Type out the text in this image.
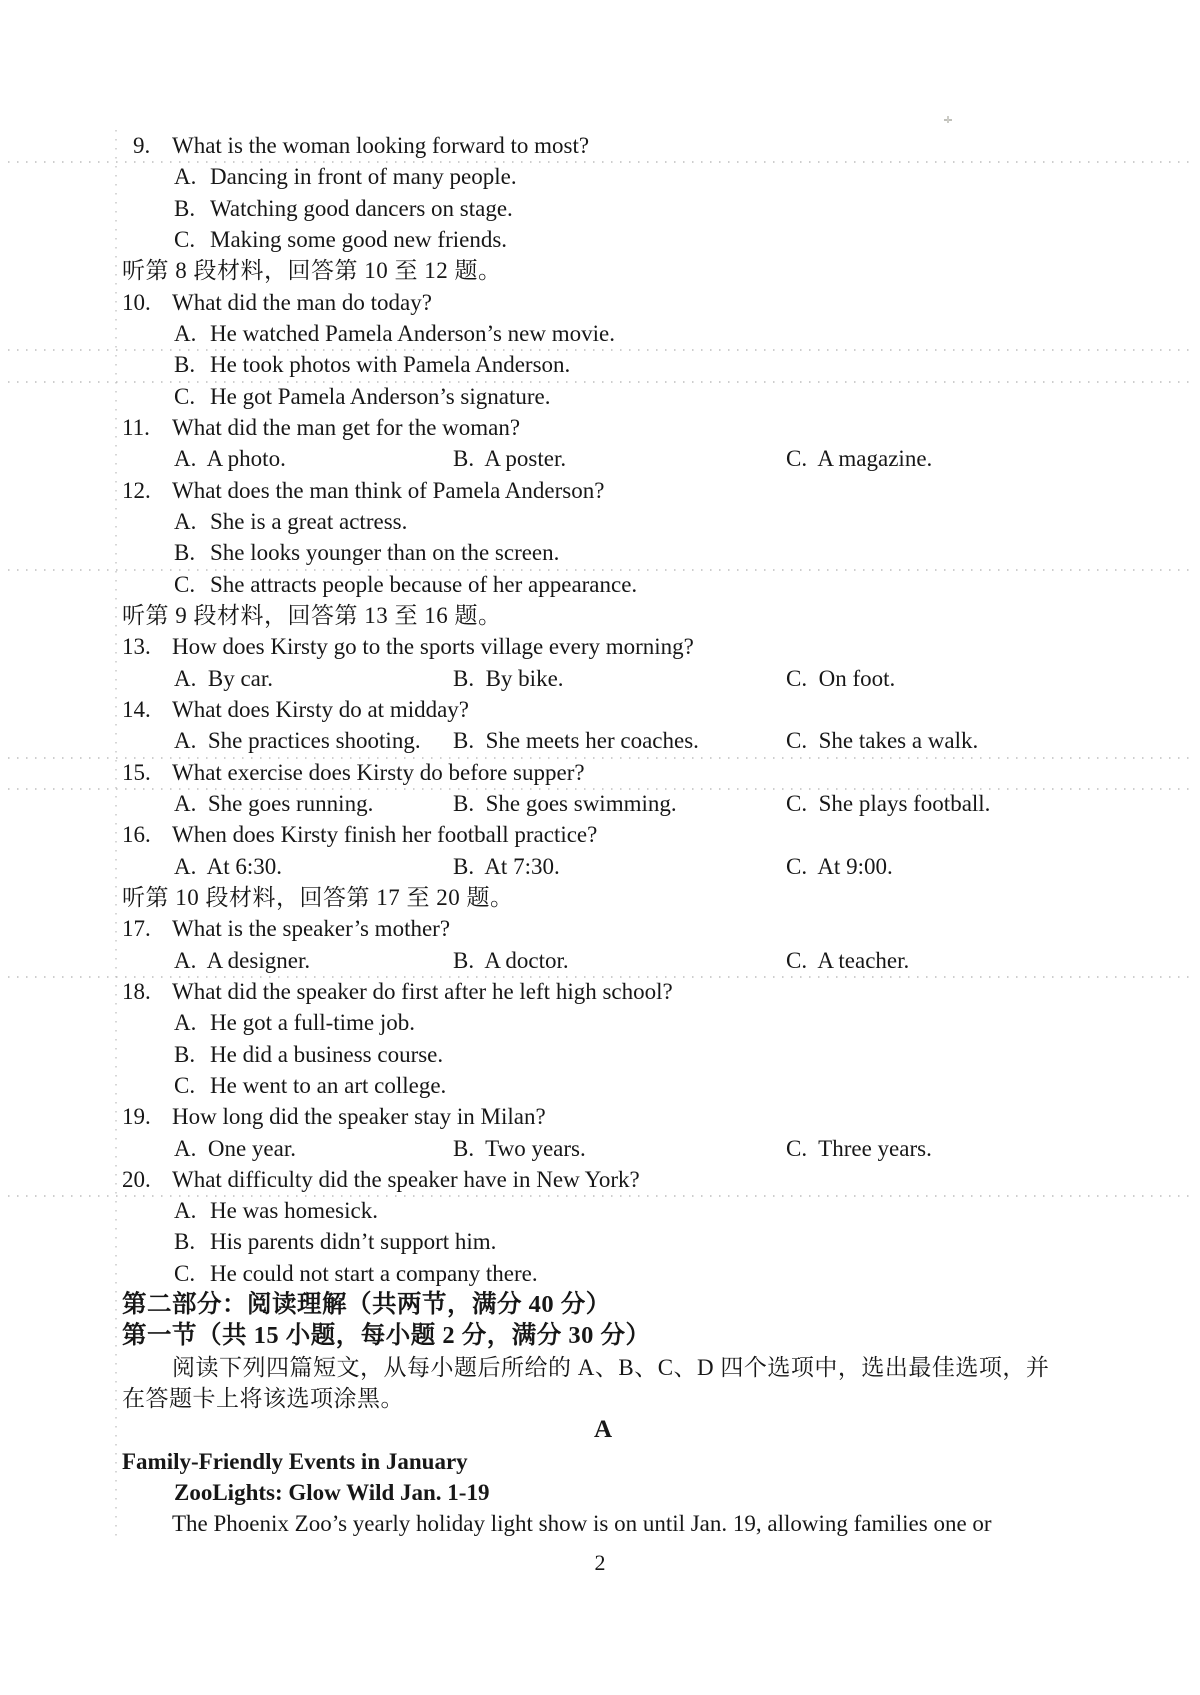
9. What is the woman looking forward to most?
A. Dancing in front of many people.
B. Watching good dancers on stage.
C. Making some good new friends.
听第 8 段材料，回答第 10 至 12 题。
10. What did the man do today?
A. He watched Pamela Anderson’s new movie.
B. He took photos with Pamela Anderson.
C. He got Pamela Anderson’s signature.
11. What did the man get for the woman?
A.  A photo.	B.  A poster.	C.  A magazine.
12. What does the man think of Pamela Anderson?
A. She is a great actress.
B. She looks younger than on the screen.
C. She attracts people because of her appearance.
听第 9 段材料，回答第 13 至 16 题。
13. How does Kirsty go to the sports village every morning?
A.  By car.	B.  By bike.	C.  On foot.
14. What does Kirsty do at midday?
A.  She practices shooting. B.  She meets her coaches.	C.  She takes a walk.
15. What exercise does Kirsty do before supper?
A.  She goes running.	B.  She goes swimming.	C.  She plays football.
16. When does Kirsty finish her football practice?
A.  At 6:30.	B.  At 7:30.	C.  At 9:00.
听第 10 段材料，回答第 17 至 20 题。
17. What is the speaker’s mother?
A.  A designer.	B.  A doctor.	C.  A teacher.
18. What did the speaker do first after he left high school?
A. He got a full-time job.
B. He did a business course.
C. He went to an art college.
19. How long did the speaker stay in Milan?
A.  One year.	B.  Two years.	C.  Three years.
20. What difficulty did the speaker have in New York?
A. He was homesick.
B. His parents didn’t support him.
C. He could not start a company there.
第二部分：阅读理解（共两节，满分 40 分）
第一节（共 15 小题，每小题 2 分，满分 30 分）
阅读下列四篇短文，从每小题后所给的 A、B、C、D 四个选项中，选出最佳选项，并
在答题卡上将该选项涂黑。
A
Family-Friendly Events in January
ZooLights: Glow Wild Jan. 1-19
The Phoenix Zoo’s yearly holiday light show is on until Jan. 19, allowing families one or
2
